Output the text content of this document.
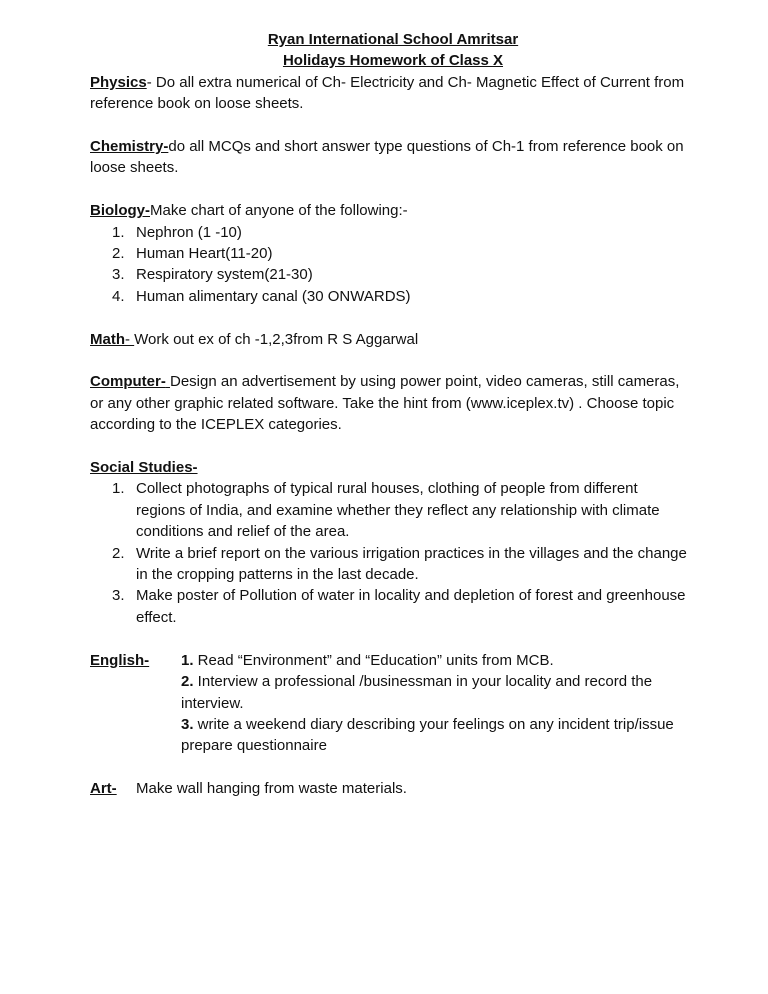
Ryan International School Amritsar

Holidays Homework of Class X

Physics- Do all extra numerical of Ch- Electricity and Ch- Magnetic Effect of Current from reference book on loose sheets.

Chemistry-do all MCQs and short answer type questions of Ch-1 from reference book on loose sheets.

Biology-Make chart of anyone of the following:-

1. Nephron (1 -10)
2. Human Heart(11-20)
3. Respiratory system(21-30)
4. Human alimentary canal (30 ONWARDS)

Math- Work out ex of ch -1,2,3from R S Aggarwal

Computer- Design an advertisement by using power point, video cameras, still cameras, or any other graphic related software. Take the hint from (www.iceplex.tv) . Choose topic according to the ICEPLEX categories.

Social Studies-

1. Collect photographs of typical rural houses, clothing of people from different regions of India, and examine whether they reflect any relationship with climate conditions and relief of the area.
2. Write a brief report on the various irrigation practices in the villages and the change in the cropping patterns in the last decade.
3. Make poster of Pollution of water in locality and depletion of forest and greenhouse effect.
English- 1. Read “Environment” and “Education” units from MCB.

2. Interview a professional /businessman in your locality and record the interview.

3. write a weekend diary describing your feelings on any incident trip/issue prepare questionnaire

Art- Make wall hanging from waste materials.
